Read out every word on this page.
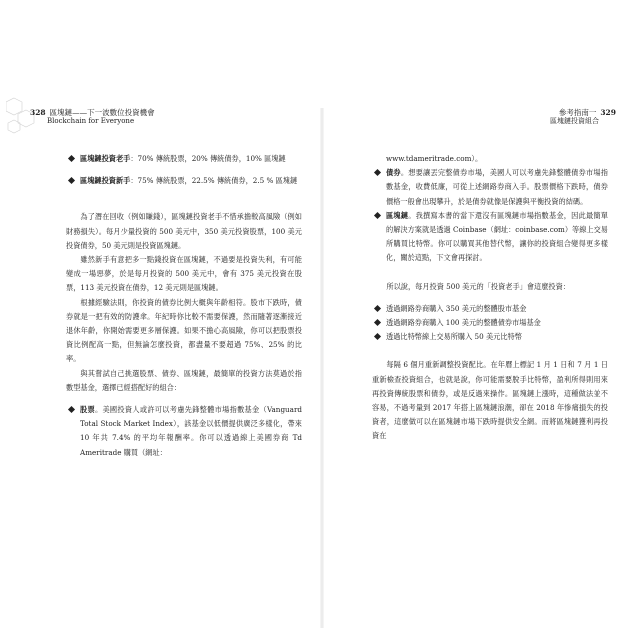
328 區塊鏈——下一波數位投資機會
Blockchain for Everyone
區塊鏈投資老手：70% 傳統股票，20% 傳統債券，10% 區塊鏈
區塊鏈投資新手：75% 傳統股票，22.5% 傳統債券，2.5 % 區塊鏈

為了潛在回收（例如賺錢），區塊鏈投資老手不惜承擔較高風險（例如財務損失）。每月少量投資的 500 美元中，350 美元投資股票，100 美元投資債券，50 美元則是投資區塊鏈。

雖然新手有意把多一點錢投資在區塊鏈，不過要是投資失利，有可能變成一場惡夢，於是每月投資的 500 美元中，會有 375 美元投資在股票，113 美元投資在債券，12 美元則是區塊鏈。

根據經驗法則，你投資的債券比例大概與年齡相符。股市下跌時，債券就是一把有效的防護傘。年紀時你比較不需要保護，然而隨著逐漸接近退休年齡，你開始需要更多層保護。如果不擔心高風險，你可以把股票投資比例配高一點，但無論怎麼投資，都盡量不要超過 75%、25% 的比率。

與其嘗試自己挑選股票、債券、區塊鏈，最簡單的投資方法莫過於指數型基金，選擇已經搭配好的組合：

股票。美國投資人或許可以考慮先鋒整體市場指數基金（Vanguard Total Stock Market Index），該基金以低價提供廣泛多樣化，帶來 10 年共 7.4% 的平均年報酬率。你可以透過線上美國券商 Td Ameritrade 購買（網址：
參考指南一 329
區塊鏈投資組合

www.tdameritrade.com）。

債券。想要讓丟完整債券市場，美國人可以考慮先鋒整體債券市場指數基金，收費低廉，可從上述網路券商入手。股票價格下跌時，債券價格一般會出現攀升，於是債券就像是保護與平衡投資的結碼。
區塊鏈。我撰寫本書的當下還沒有區塊鏈市場指數基金，因此最簡單的解決方案就是透過 Coinbase（網址：coinbase.com）等線上交易所購買比特幣。你可以購買其他替代幣，讓你的投資組合變得更多樣化，關於這點，下文會再探討。

所以說，每月投資 500 美元的「投資老手」會這麼投資：

透過網路券商購入 350 美元的整體股市基金
透過網路券商購入 100 美元的整體債券市場基金
透過比特幣線上交易所購入 50 美元比特幣

每隔 6 個月重新調整投資配比。在年曆上標記 1 月 1 日和 7 月 1 日重新檢查投資組合，也就是說，你可能需要脫手比特幣，盈利所得則用來再投資傳統股票和債券，或是反過來操作。區塊鏈上漲時，這種做法並不容易，不過考量到 2017 年搭上區塊鏈浪潮，卻在 2018 年慘痛損失的投資者，這麼做可以在區塊鏈市場下跌時提供安全網。而將區塊鏈獲利再投資在
